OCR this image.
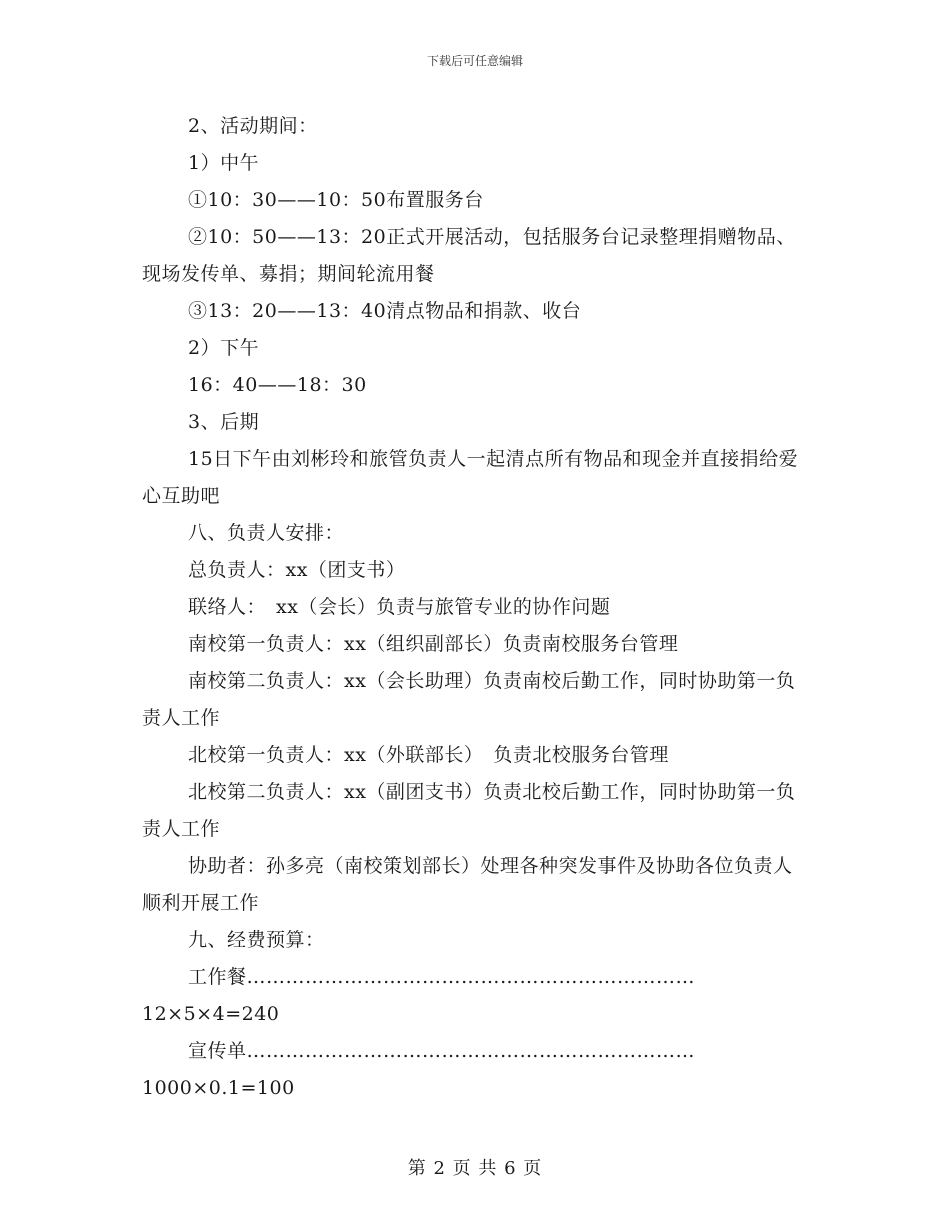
下载后可任意编辑

2、活动期间：

1）中午

①10：30——10：50布置服务台

②10：50——13：20正式开展活动，包括服务台记录整理捐赠物品、现场发传单、募捐；期间轮流用餐

③13：20——13：40清点物品和捐款、收台

2）下午

16：40——18：30

3、后期

15日下午由刘彬玲和旅管负责人一起清点所有物品和现金并直接捐给爱心互助吧

八、负责人安排：

总负责人：xx（团支书）

联络人：　xx（会长）负责与旅管专业的协作问题

南校第一负责人：xx（组织副部长）负责南校服务台管理

南校第二负责人：xx（会长助理）负责南校后勤工作，同时协助第一负责人工作

北校第一负责人：xx（外联部长）　负责北校服务台管理

北校第二负责人：xx（副团支书）负责北校后勤工作，同时协助第一负责人工作

协助者：孙多亮（南校策划部长）处理各种突发事件及协助各位负责人顺利开展工作

九、经费预算：

工作餐……………………………………………………………

12×5×4=240

宣传单……………………………………………………………

1000×0.1=100

第 2 页 共 6 页
